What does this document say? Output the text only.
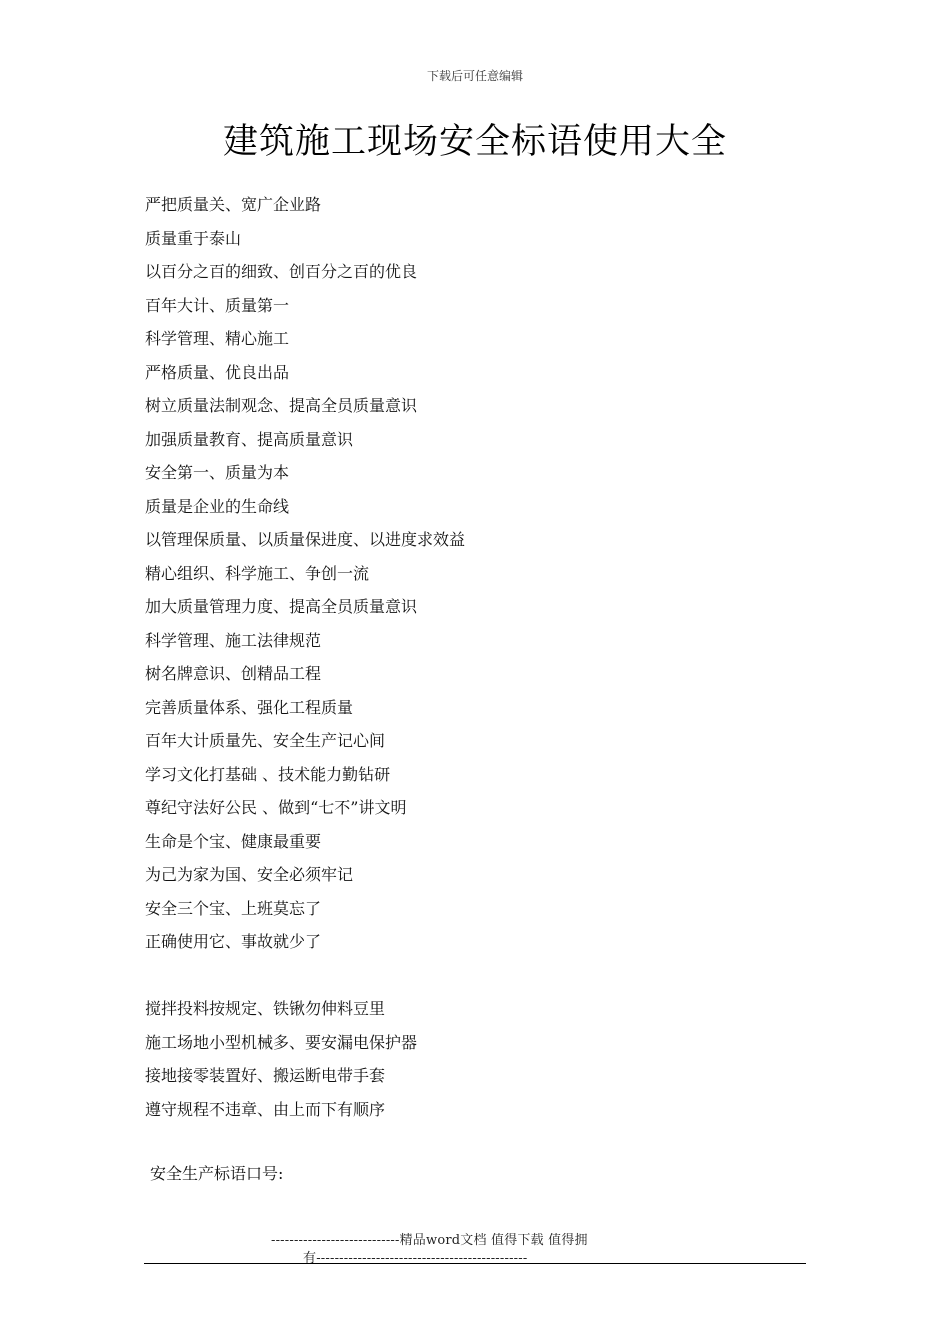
下载后可任意编辑
建筑施工现场安全标语使用大全
严把质量关、宽广企业路
质量重于泰山
以百分之百的细致、创百分之百的优良
百年大计、质量第一
科学管理、精心施工
严格质量、优良出品
树立质量法制观念、提高全员质量意识
加强质量教育、提高质量意识
安全第一、质量为本
质量是企业的生命线
以管理保质量、以质量保进度、以进度求效益
精心组织、科学施工、争创一流
加大质量管理力度、提高全员质量意识
科学管理、施工法律规范
树名牌意识、创精品工程
完善质量体系、强化工程质量
百年大计质量先、安全生产记心间
学习文化打基础 、技术能力勤钻研
尊纪守法好公民 、做到“七不”讲文明
生命是个宝、健康最重要
为己为家为国、安全必须牢记
安全三个宝、上班莫忘了
正确使用它、事故就少了
搅拌投料按规定、铁锹勿伸料豆里
施工场地小型机械多、要安漏电保护器
接地接零装置好、搬运断电带手套
遵守规程不违章、由上而下有顺序
安全生产标语口号:
----------------------------精品word文档 值得下载 值得拥
有----------------------------------------------
